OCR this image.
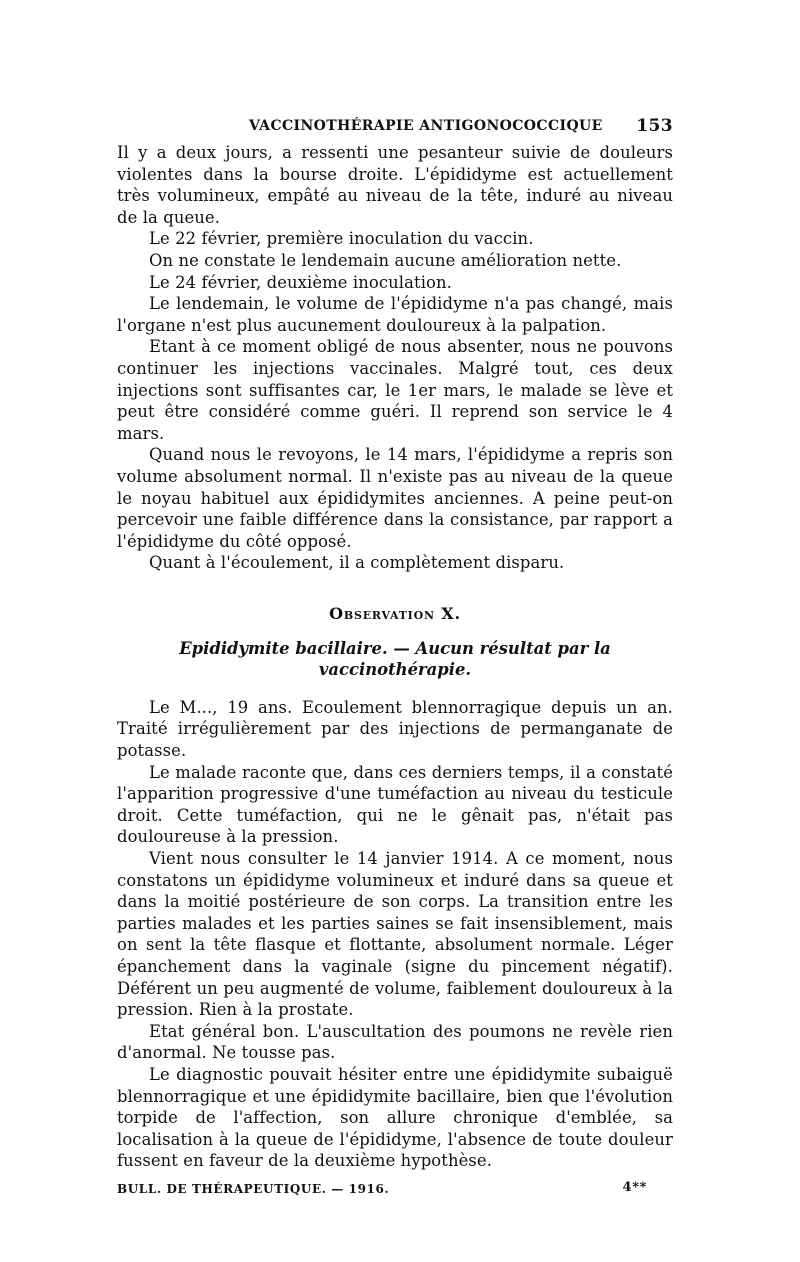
VACCINOTHÉRAPIE ANTIGONOCOCCIQUE 153

Il y a deux jours, a ressenti une pesanteur suivie de douleurs violentes dans la bourse droite. L'épididyme est actuellement très volumineux, empâté au niveau de la tête, induré au niveau de la queue.

Le 22 février, première inoculation du vaccin.

On ne constate le lendemain aucune amélioration nette.

Le 24 février, deuxième inoculation.

Le lendemain, le volume de l'épididyme n'a pas changé, mais l'organe n'est plus aucunement douloureux à la palpation.

Etant à ce moment obligé de nous absenter, nous ne pouvons continuer les injections vaccinales. Malgré tout, ces deux injections sont suffisantes car, le 1er mars, le malade se lève et peut être considéré comme guéri. Il reprend son service le 4 mars.

Quand nous le revoyons, le 14 mars, l'épididyme a repris son volume absolument normal. Il n'existe pas au niveau de la queue le noyau habituel aux épididymites anciennes. A peine peut-on percevoir une faible différence dans la consistance, par rapport a l'épididyme du côté opposé.

Quant à l'écoulement, il a complètement disparu.

Observation X.

Epididymite bacillaire. — Aucun résultat par la vaccinothérapie.

Le M..., 19 ans. Ecoulement blennorragique depuis un an. Traité irrégulièrement par des injections de permanganate de potasse.

Le malade raconte que, dans ces derniers temps, il a constaté l'apparition progressive d'une tuméfaction au niveau du testicule droit. Cette tuméfaction, qui ne le gênait pas, n'était pas douloureuse à la pression.

Vient nous consulter le 14 janvier 1914. A ce moment, nous constatons un épididyme volumineux et induré dans sa queue et dans la moitié postérieure de son corps. La transition entre les parties malades et les parties saines se fait insensiblement, mais on sent la tête flasque et flottante, absolument normale. Léger épanchement dans la vaginale (signe du pincement négatif). Déférent un peu augmenté de volume, faiblement douloureux à la pression. Rien à la prostate.

Etat général bon. L'auscultation des poumons ne revèle rien d'anormal. Ne tousse pas.

Le diagnostic pouvait hésiter entre une épididymite subaiguë blennorragique et une épididymite bacillaire, bien que l'évolution torpide de l'affection, son allure chronique d'emblée, sa localisation à la queue de l'épididyme, l'absence de toute douleur fussent en faveur de la deuxième hypothèse.

BULL. DE THÉRAPEUTIQUE. — 1916.	4**
